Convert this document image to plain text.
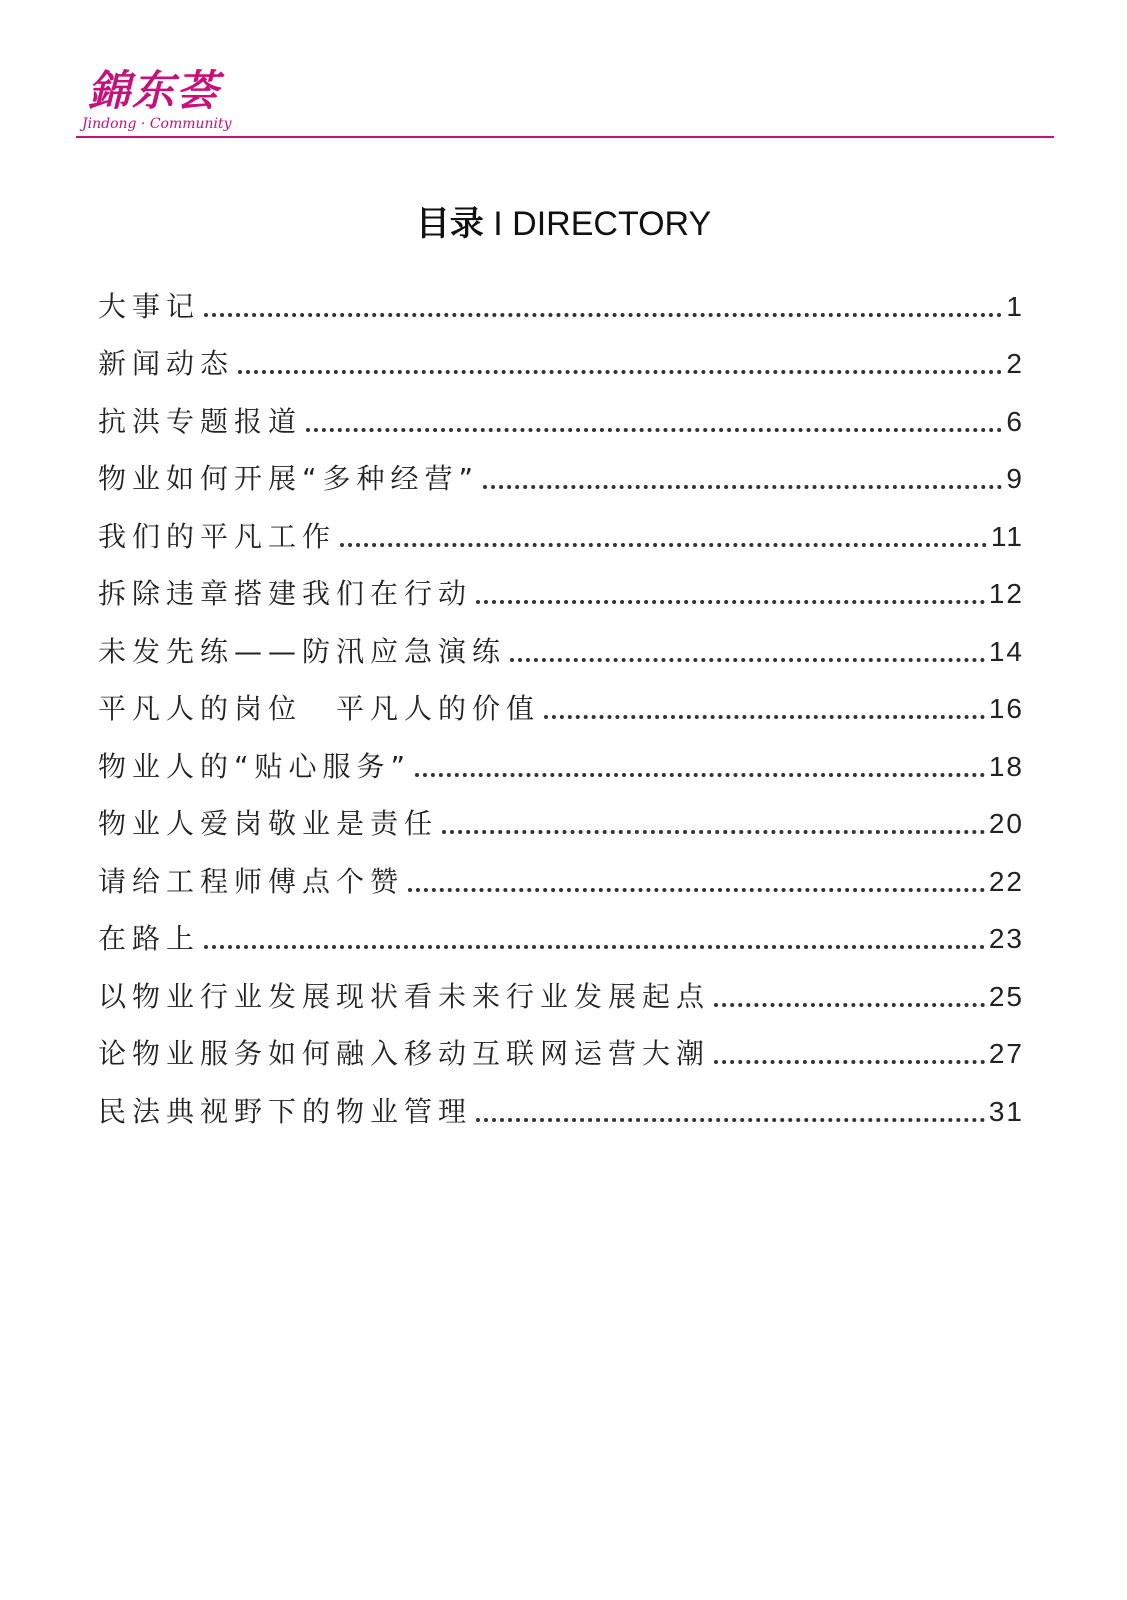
錦东荟
Jindong · Community
目录 I DIRECTORY
大事记	1
新闻动态	2
抗洪专题报道	6
物业如何开展“多种经营”	9
我们的平凡工作	11
拆除违章搭建我们在行动	12
未发先练——防汛应急演练	14
平凡人的岗位　平凡人的价值	16
物业人的“贴心服务”	18
物业人爱岗敬业是责任	20
请给工程师傅点个赞	22
在路上	23
以物业行业发展现状看未来行业发展起点	25
论物业服务如何融入移动互联网运营大潮	27
民法典视野下的物业管理	31
